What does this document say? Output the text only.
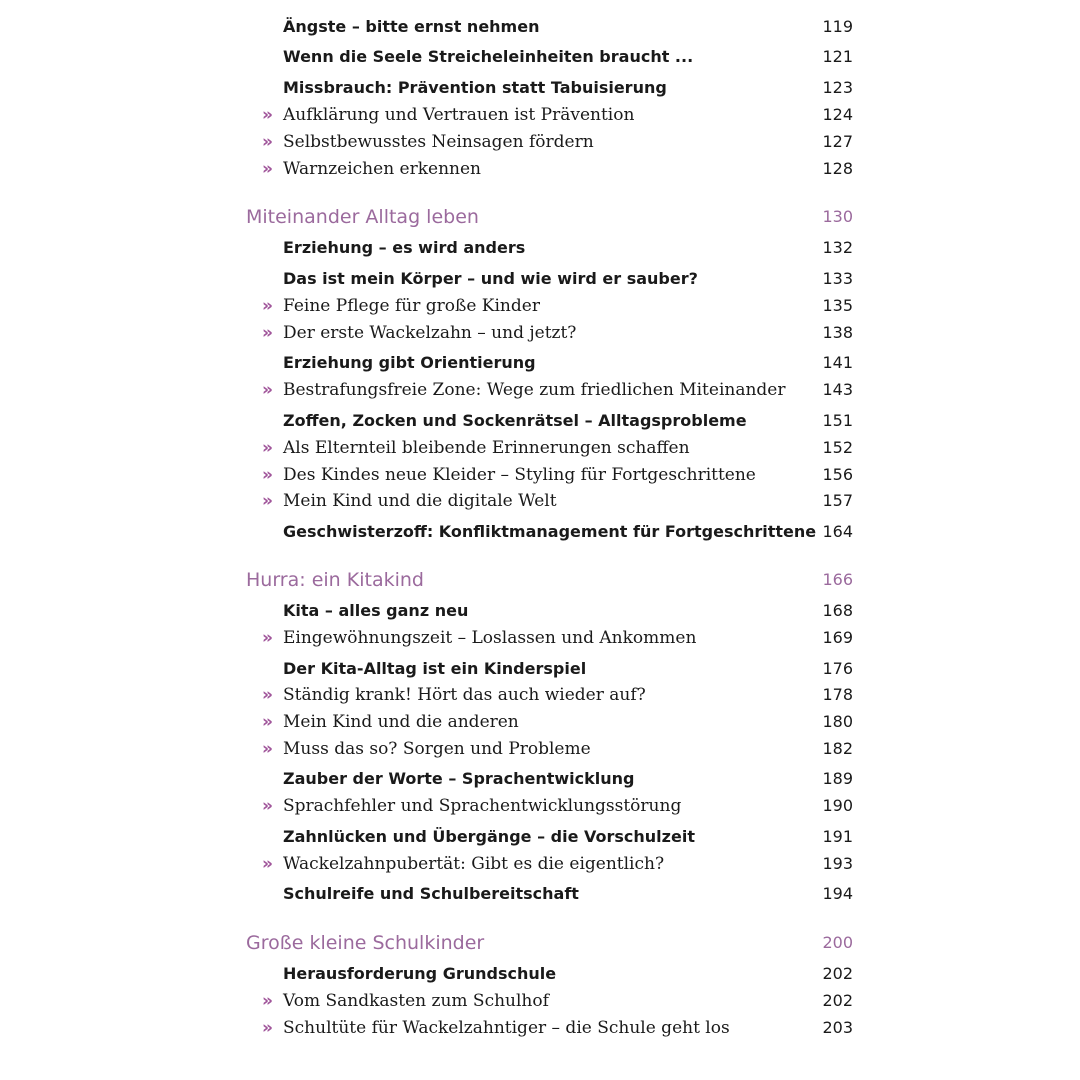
Ängste – bitte ernst nehmen	119
Wenn die Seele Streicheleinheiten braucht ...	121
Missbrauch: Prävention statt Tabuisierung	123
» Aufklärung und Vertrauen ist Prävention	124
» Selbstbewusstes Neinsagen fördern	127
» Warnzeichen erkennen	128
Miteinander Alltag leben	130
Erziehung – es wird anders	132
Das ist mein Körper – und wie wird er sauber?	133
» Feine Pflege für große Kinder	135
» Der erste Wackelzahn – und jetzt?	138
Erziehung gibt Orientierung	141
» Bestrafungsfreie Zone: Wege zum friedlichen Miteinander 143
Zoffen, Zocken und Sockenrätsel – Alltagsprobleme	151
» Als Elternteil bleibende Erinnerungen schaffen	152
» Des Kindes neue Kleider – Styling für Fortgeschrittene	156
» Mein Kind und die digitale Welt	157
Geschwisterzoff: Konfliktmanagement für Fortgeschrittene 164
Hurra: ein Kitakind	166
Kita – alles ganz neu	168
» Eingewöhnungszeit – Loslassen und Ankommen	169
Der Kita-Alltag ist ein Kinderspiel	176
» Ständig krank! Hört das auch wieder auf?	178
» Mein Kind und die anderen	180
» Muss das so? Sorgen und Probleme	182
Zauber der Worte – Sprachentwicklung	189
» Sprachfehler und Sprachentwicklungsstörung	190
Zahnlücken und Übergänge – die Vorschulzeit	191
» Wackelzahnpubertät: Gibt es die eigentlich?	193
Schulreife und Schulbereitschaft	194
Große kleine Schulkinder	200
Herausforderung Grundschule	202
» Vom Sandkasten zum Schulhof	202
» Schultüte für Wackelzahntiger – die Schule geht los	203
